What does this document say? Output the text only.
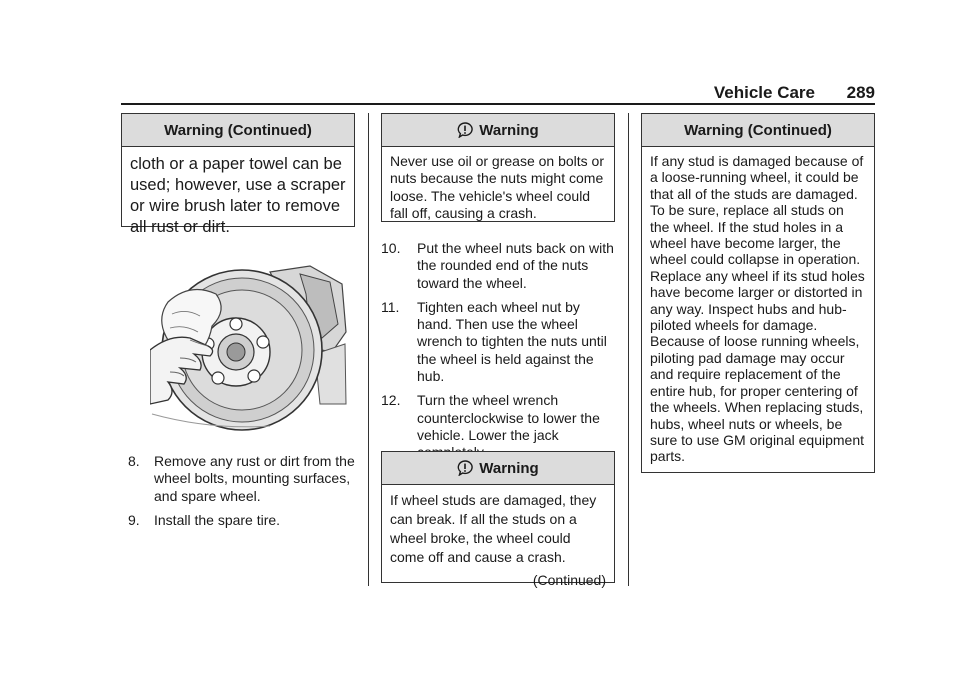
Vehicle Care 289
Warning (Continued)
cloth or a paper towel can be used; however, use a scraper or wire brush later to remove all rust or dirt.
8.	Remove any rust or dirt from the wheel bolts, mounting surfaces, and spare wheel.
9.	Install the spare tire.
Warning
Never use oil or grease on bolts or nuts because the nuts might come loose. The vehicle's wheel could fall off, causing a crash.
10.	Put the wheel nuts back on with the rounded end of the nuts toward the wheel.
11.	Tighten each wheel nut by hand. Then use the wheel wrench to tighten the nuts until the wheel is held against the hub.
12.	Turn the wheel wrench counterclockwise to lower the vehicle. Lower the jack
Warning
If wheel studs are damaged, they can break. If all the studs on a wheel broke, the wheel could come off and cause a crash.
(Continued)
Warning (Continued)
If any stud is damaged because of a loose-running wheel, it could be that all of the studs are damaged. To be sure, replace all studs on the wheel. If the stud holes in a wheel have become larger, the wheel could collapse in operation. Replace any wheel if its stud holes have become larger or distorted in any way. Inspect hubs and hub-piloted wheels for damage. Because of loose running wheels, piloting pad damage may occur and require replacement of the entire hub, for proper centering of the wheels. When replacing studs, hubs, wheel nuts or wheels, be sure to use GM original equipment parts.
